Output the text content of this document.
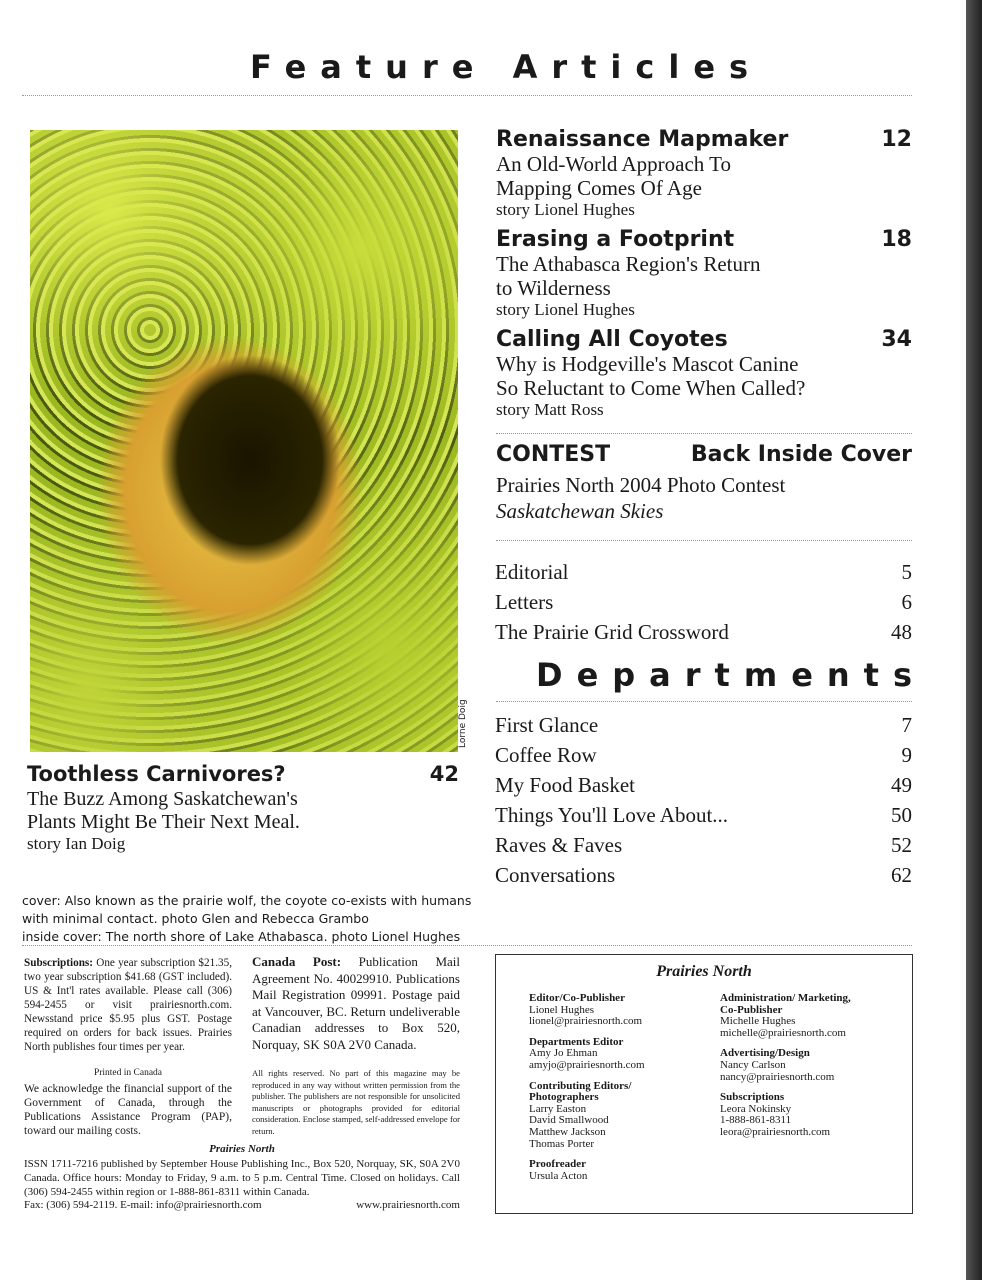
Feature Articles
Lorne Doig
Toothless Carnivores?	42
The Buzz Among Saskatchewan's
Plants Might Be Their Next Meal.
story Ian Doig
Renaissance Mapmaker	12
An Old-World Approach To
Mapping Comes Of Age
story Lionel Hughes
Erasing a Footprint	18
The Athabasca Region's Return
to Wilderness
story Lionel Hughes
Calling All Coyotes	34
Why is Hodgeville's Mascot Canine
So Reluctant to Come When Called?
story Matt Ross
CONTEST	Back Inside Cover
Prairies North 2004 Photo Contest
Saskatchewan Skies
Editorial	5
Letters	6
The Prairie Grid Crossword	48
Departments
First Glance	7
Coffee Row	9
My Food Basket	49
Things You'll Love About...	50
Raves & Faves	52
Conversations	62
cover: Also known as the prairie wolf, the coyote co-exists with humans
with minimal contact. photo Glen and Rebecca Grambo
inside cover: The north shore of Lake Athabasca. photo Lionel Hughes
Subscriptions: One year subscription $21.35, two year subscription $41.68 (GST included). US & Int'l rates available. Please call (306) 594-2455 or visit prairiesnorth.com. Newsstand price $5.95 plus GST. Postage required on orders for back issues. Prairies North publishes four times per year.
Canada Post: Publication Mail Agreement No. 40029910. Publications Mail Registration 09991. Postage paid at Vancouver, BC. Return undeliverable Canadian addresses to Box 520, Norquay, SK S0A 2V0 Canada.
Printed in Canada
We acknowledge the financial support of the Government of Canada, through the Publications Assistance Program (PAP), toward our mailing costs.
All rights reserved. No part of this magazine may be reproduced in any way without written permission from the publisher. The publishers are not responsible for unsolicited manuscripts or photographs provided for editorial consideration. Enclose stamped, self-addressed envelope for return.
Prairies North
ISSN 1711-7216 published by September House Publishing Inc., Box 520, Norquay, SK, S0A 2V0 Canada. Office hours: Monday to Friday, 9 a.m. to 5 p.m. Central Time. Closed on holidays. Call (306) 594-2455 within region or 1-888-861-8311 within Canada.
Fax: (306) 594-2119. E-mail: info@prairiesnorth.com	www.prairiesnorth.com
Prairies North
Editor/Co-Publisher
Lionel Hughes
lionel@prairiesnorth.com
Departments Editor
Amy Jo Ehman
amyjo@prairiesnorth.com
Contributing Editors/ Photographers
Larry Easton
David Smallwood
Matthew Jackson
Thomas Porter
Proofreader
Ursula Acton
Administration/ Marketing, Co-Publisher
Michelle Hughes
michelle@prairiesnorth.com
Advertising/Design
Nancy Carlson
nancy@prairiesnorth.com
Subscriptions
Leora Nokinsky
1-888-861-8311
leora@prairiesnorth.com
